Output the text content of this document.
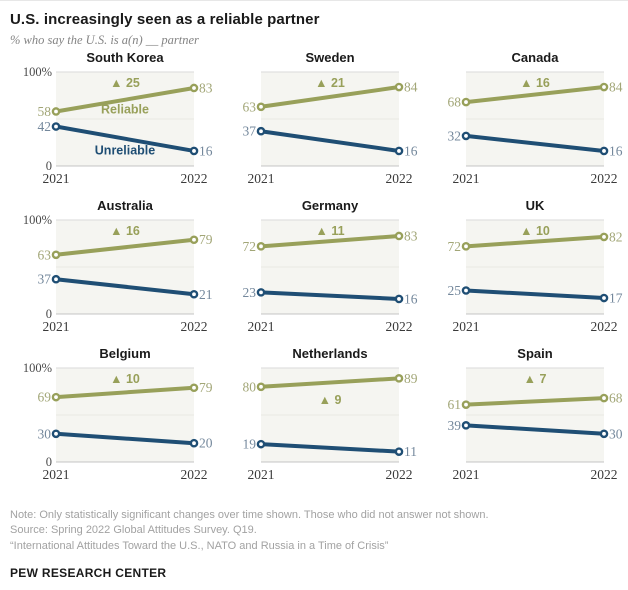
U.S. increasingly seen as a reliable partner

% who say the U.S. is a(n) __ partner

South Korea
100%
0
2021	2022
58
83
42
16
▲ 25
Reliable
Unreliable
Sweden
2021	2022
63
84
37
16
▲ 21
Canada
2021	2022
68
84
32
16
▲ 16
Australia
100%
0
2021	2022
63
79
37
21
▲ 16
Germany
2021	2022
72
83
23	16
▲ 11
UK
2021	2022
72
82
25
17
▲ 10
Belgium
100%
0
2021	2022
69
79
30
20
▲ 10
Netherlands
2021	2022
80
89
19
11
▲ 9
Spain
2021	2022
61	68
39
30
▲ 7
Note: Only statistically significant changes over time shown. Those who did not answer not shown.
Source: Spring 2022 Global Attitudes Survey. Q19.
“International Attitudes Toward the U.S., NATO and Russia in a Time of Crisis”
PEW RESEARCH CENTER
